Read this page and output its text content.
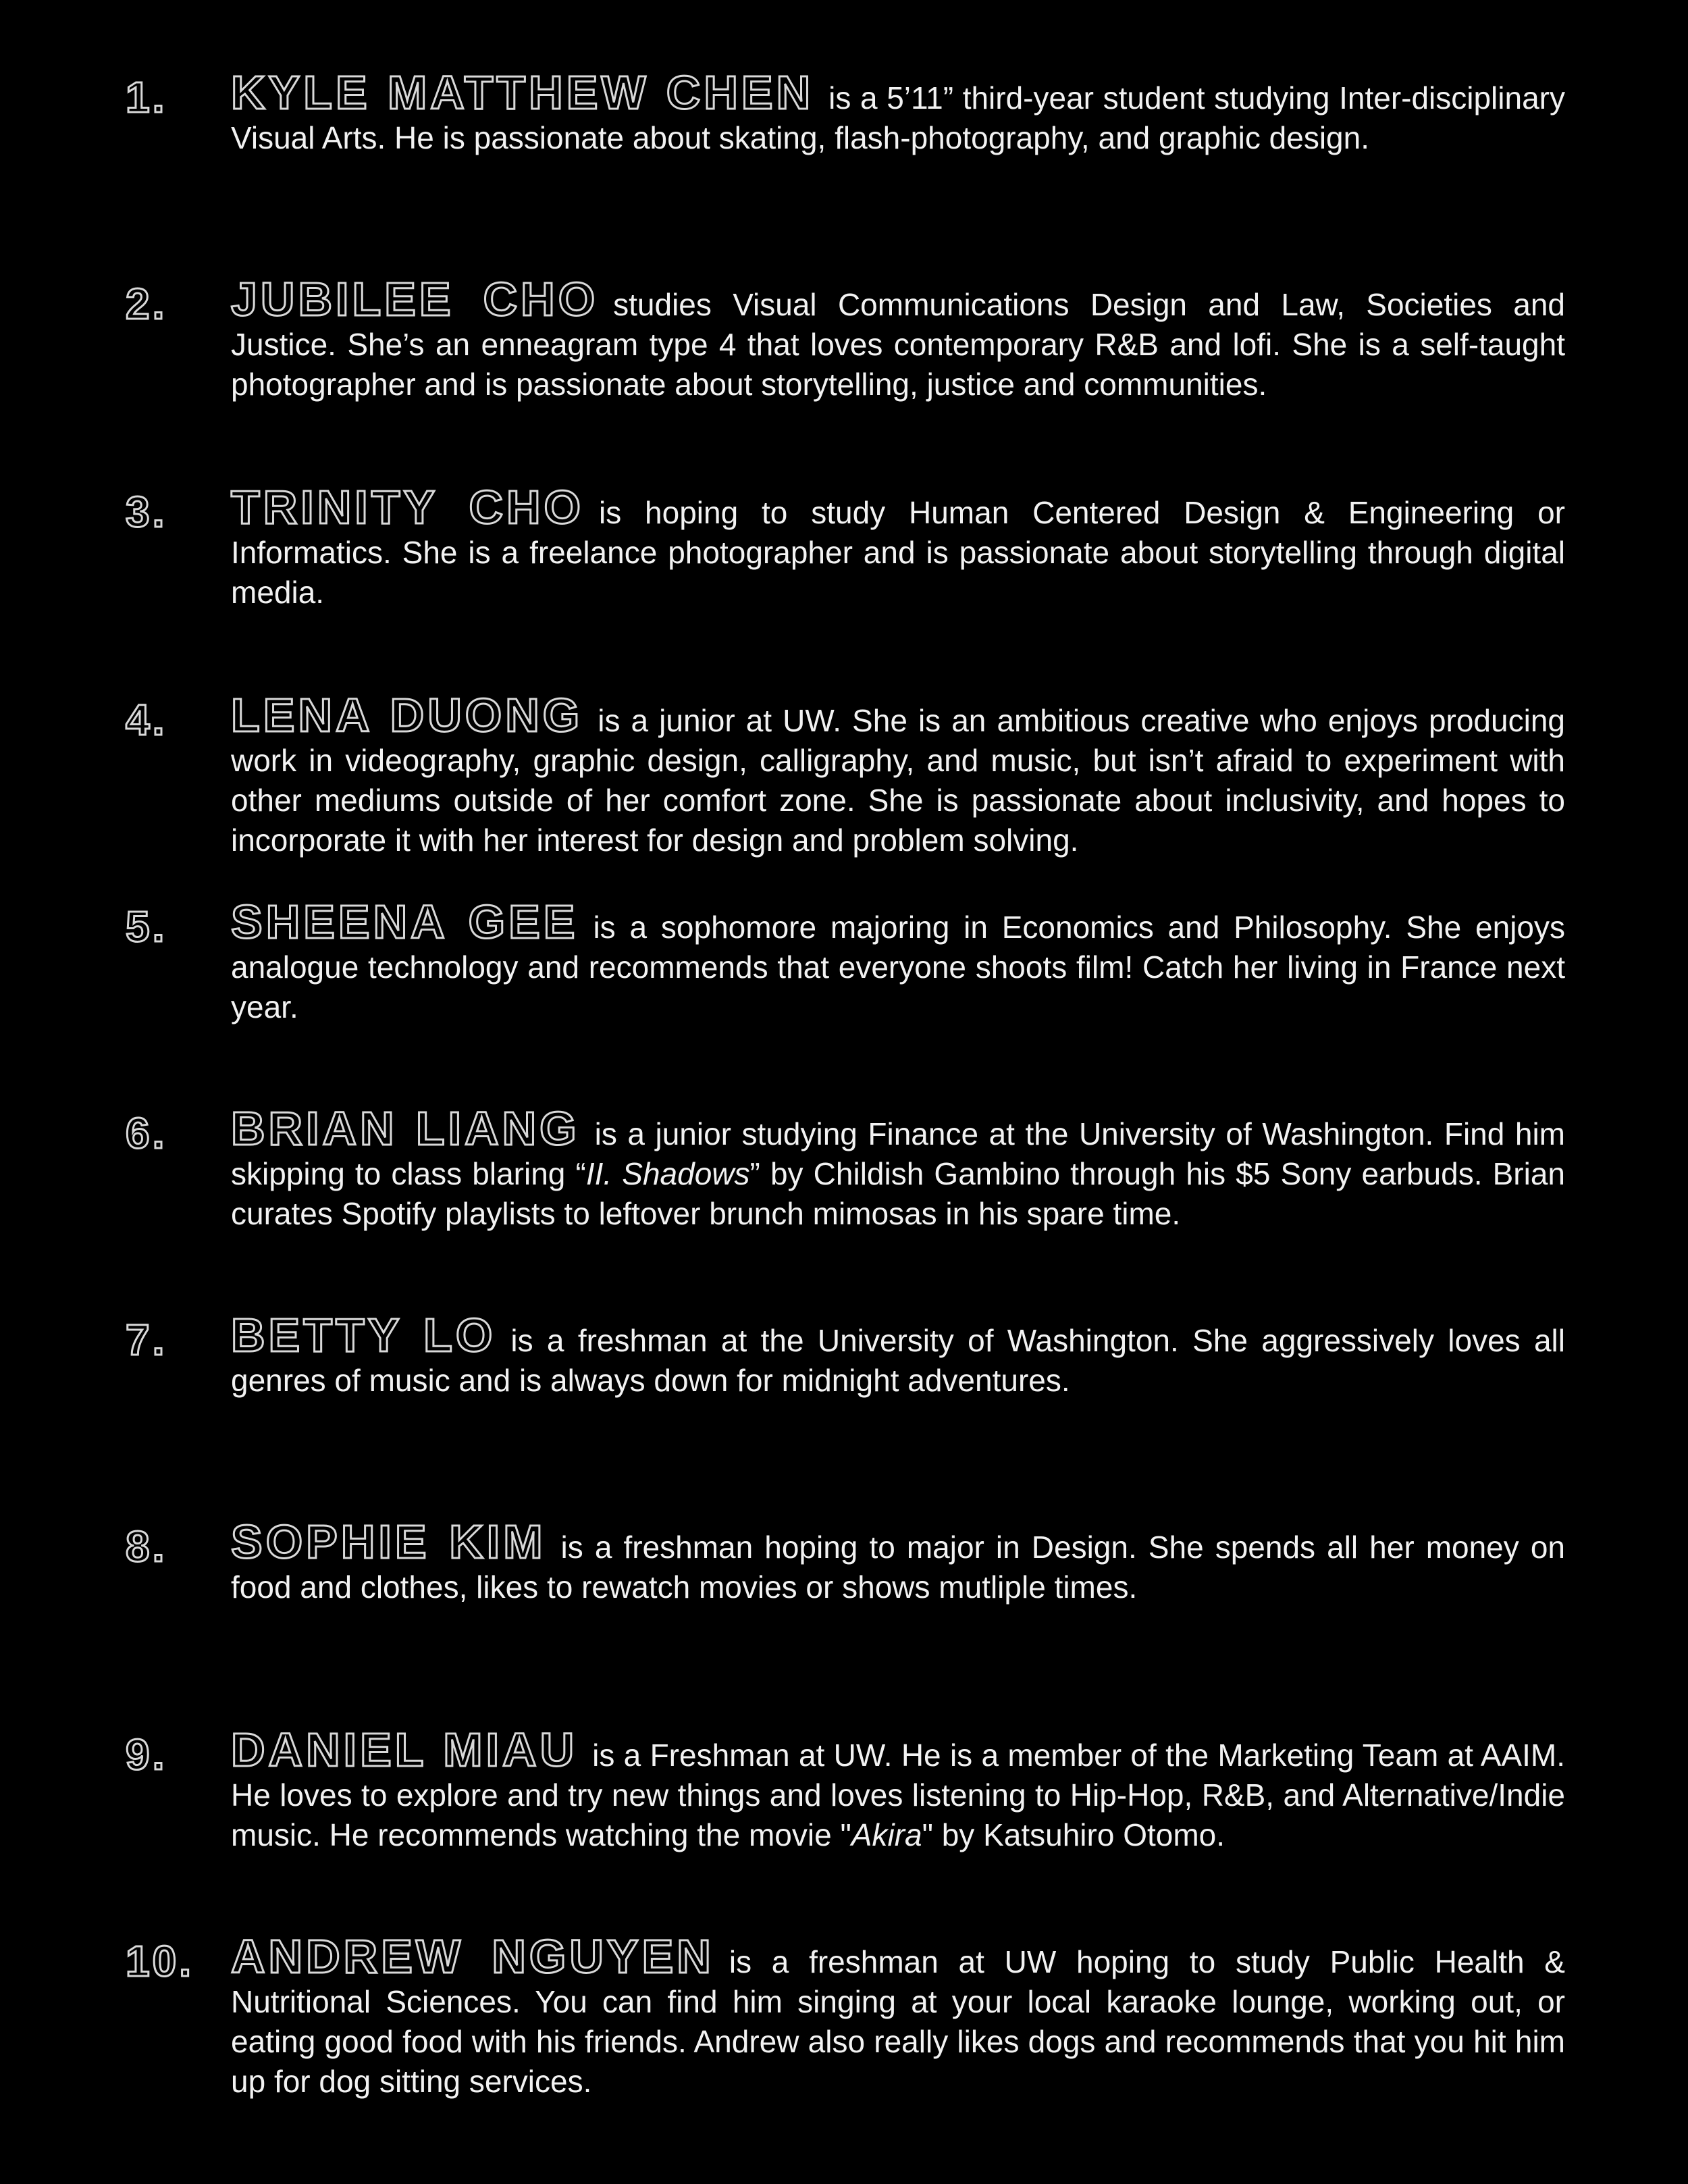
1. KYLE MATTHEW CHEN is a 5’11” third-year student studying Inter-disciplinary Visual Arts. He is passionate about skating, flash-photography, and graphic design.

2. JUBILEE CHO studies Visual Communications Design and Law, Societies and Justice. She’s an enneagram type 4 that loves contemporary R&B and lofi. She is a self-taught photographer and is passionate about storytelling, justice and communities.

3. TRINITY CHO is hoping to study Human Centered Design & Engineering or Informatics. She is a freelance photographer and is passionate about storytelling through digital media.

4. LENA DUONG is a junior at UW. She is an ambitious creative who enjoys producing work in videography, graphic design, calligraphy, and music, but isn’t afraid to experiment with other mediums outside of her comfort zone. She is passionate about inclusivity, and hopes to incorporate it with her interest for design and problem solving.

5. SHEENA GEE is a sophomore majoring in Economics and Philosophy. She enjoys analogue technology and recommends that everyone shoots film! Catch her living in France next year.

6. BRIAN LIANG is a junior studying Finance at the University of Washington. Find him skipping to class blaring “II. Shadows” by Childish Gambino through his $5 Sony earbuds. Brian curates Spotify playlists to leftover brunch mimosas in his spare time.

7. BETTY LO is a freshman at the University of Washington. She aggressively loves all genres of music and is always down for midnight adventures.

8. SOPHIE KIM is a freshman hoping to major in Design. She spends all her money on food and clothes, likes to rewatch movies or shows mutliple times.

9. DANIEL MIAU is a Freshman at UW. He is a member of the Marketing Team at AAIM. He loves to explore and try new things and loves listening to Hip-Hop, R&B, and Alternative/Indie music. He recommends watching the movie "Akira" by Katsuhiro Otomo.

10. ANDREW NGUYEN is a freshman at UW hoping to study Public Health & Nutritional Sciences. You can find him singing at your local karaoke lounge, working out, or eating good food with his friends. Andrew also really likes dogs and recommends that you hit him up for dog sitting services.
